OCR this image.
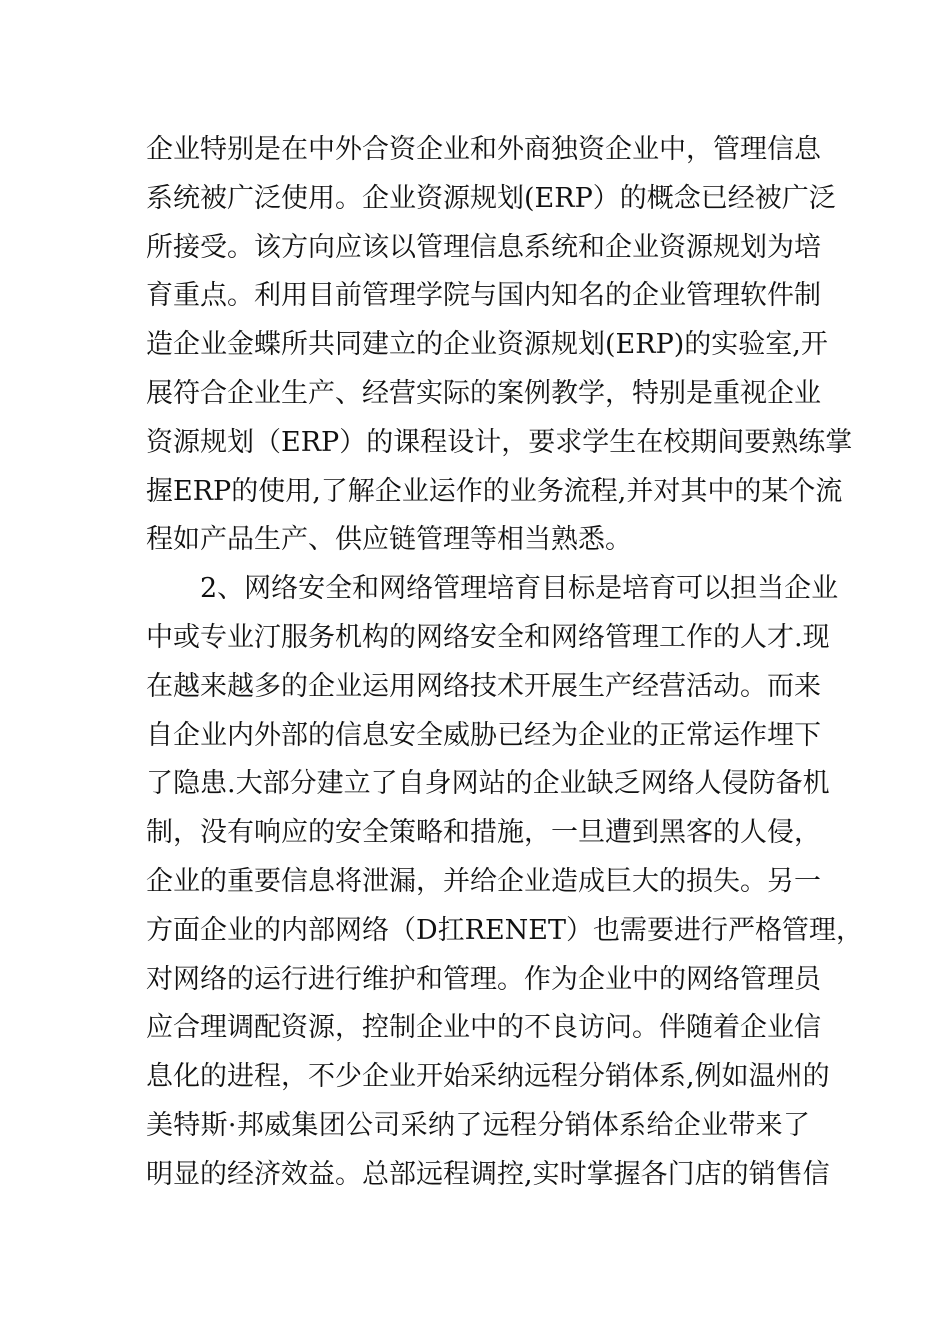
企业特别是在中外合资企业和外商独资企业中，管理信息
系统被广泛使用。企业资源规划(ERP）的概念已经被广泛
所接受。该方向应该以管理信息系统和企业资源规划为培
育重点。利用目前管理学院与国内知名的企业管理软件制
造企业金蝶所共同建立的企业资源规划(ERP)的实验室,开
展符合企业生产、经营实际的案例教学，特别是重视企业
资源规划（ERP）的课程设计，要求学生在校期间要熟练掌
握ERP的使用,了解企业运作的业务流程,并对其中的某个流
程如产品生产、供应链管理等相当熟悉。
2、网络安全和网络管理培育目标是培育可以担当企业
中或专业汀服务机构的网络安全和网络管理工作的人才.现
在越来越多的企业运用网络技术开展生产经营活动。而来
自企业内外部的信息安全威胁已经为企业的正常运作埋下
了隐患.大部分建立了自身网站的企业缺乏网络人侵防备机
制，没有响应的安全策略和措施，一旦遭到黑客的人侵，
企业的重要信息将泄漏，并给企业造成巨大的损失。另一
方面企业的内部网络（D扛RENET）也需要进行严格管理，
对网络的运行进行维护和管理。作为企业中的网络管理员
应合理调配资源，控制企业中的不良访问。伴随着企业信
息化的进程，不少企业开始采纳远程分销体系,例如温州的
美特斯·邦威集团公司采纳了远程分销体系给企业带来了
明显的经济效益。总部远程调控,实时掌握各门店的销售信
